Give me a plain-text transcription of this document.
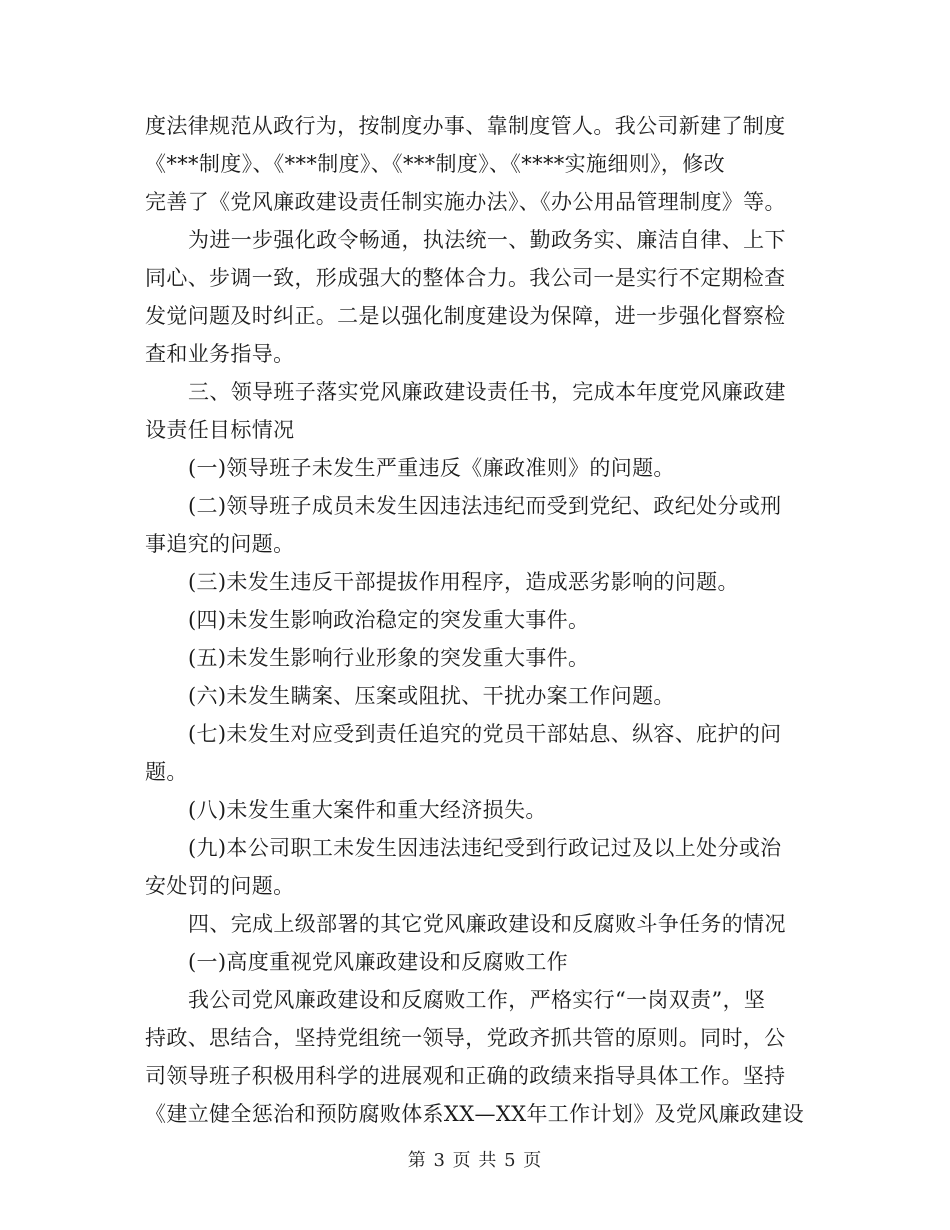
度法律规范从政行为，按制度办事、靠制度管人。我公司新建了制度
《***制度》、《***制度》、《***制度》、《****实施细则》，修改
完善了《党风廉政建设责任制实施办法》、《办公用品管理制度》等。
为进一步强化政令畅通，执法统一、勤政务实、廉洁自律、上下
同心、步调一致，形成强大的整体合力。我公司一是实行不定期检查
发觉问题及时纠正。二是以强化制度建设为保障，进一步强化督察检
查和业务指导。
三、领导班子落实党风廉政建设责任书，完成本年度党风廉政建
设责任目标情况
(一)领导班子未发生严重违反《廉政准则》的问题。
(二)领导班子成员未发生因违法违纪而受到党纪、政纪处分或刑
事追究的问题。
(三)未发生违反干部提拔作用程序，造成恶劣影响的问题。
(四)未发生影响政治稳定的突发重大事件。
(五)未发生影响行业形象的突发重大事件。
(六)未发生瞒案、压案或阻扰、干扰办案工作问题。
(七)未发生对应受到责任追究的党员干部姑息、纵容、庇护的问
题。
(八)未发生重大案件和重大经济损失。
(九)本公司职工未发生因违法违纪受到行政记过及以上处分或治
安处罚的问题。
四、完成上级部署的其它党风廉政建设和反腐败斗争任务的情况
(一)高度重视党风廉政建设和反腐败工作
我公司党风廉政建设和反腐败工作，严格实行“一岗双责”，坚
持政、思结合，坚持党组统一领导，党政齐抓共管的原则。同时，公
司领导班子积极用科学的进展观和正确的政绩来指导具体工作。坚持
《建立健全惩治和预防腐败体系XX—XX年工作计划》及党风廉政建设
第 3 页 共 5 页
